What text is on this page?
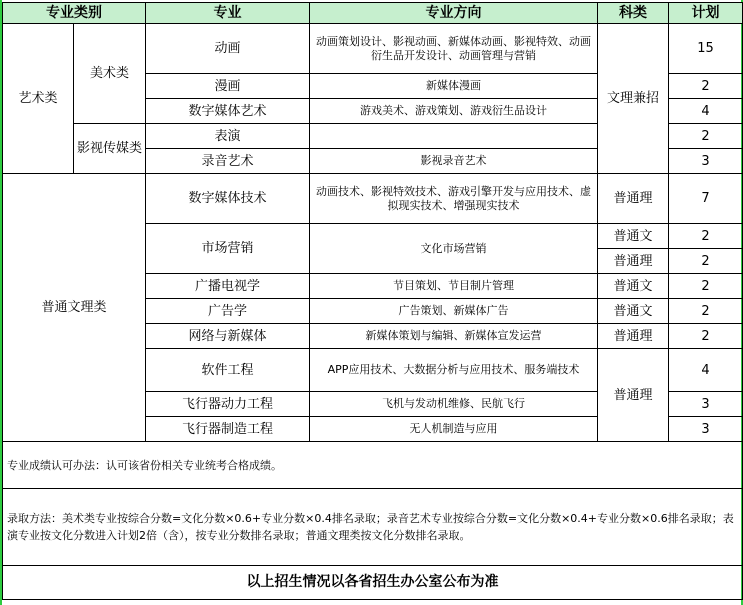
专业类别		专业	专业方向	科类	计划
艺术类	美术类	动画	动画策划设计、影视动画、新媒体动画、影视特效、动画衍生品开发设计、动画管理与营销	文理兼招	15
		漫画	新媒体漫画		2
		数字媒体艺术	游戏美术、游戏策划、游戏衍生品设计		4
	影视传媒类	表演			2
		录音艺术	影视录音艺术		3
普通文理类		数字媒体技术	动画技术、影视特效技术、游戏引擎开发与应用技术、虚拟现实技术、增强现实技术	普通理	7
		市场营销	文化市场营销	普通文	2
				普通理	2
		广播电视学	节目策划、节目制片管理	普通文	2
		广告学	广告策划、新媒体广告	普通文	2
		网络与新媒体	新媒体策划与编辑、新媒体宣发运营	普通理	2
		软件工程	APP应用技术、大数据分析与应用技术、服务端技术	普通理	4
		飞行器动力工程	飞机与发动机维修、民航飞行		3
		飞行器制造工程	无人机制造与应用		3
专业成绩认可办法：认可该省份相关专业统考合格成绩。					
录取方法：美术类专业按综合分数=文化分数×0.6+专业分数×0.4排名录取；录音艺术专业按综合分数=文化分数×0.4+专业分数×0.6排名录取；表演专业按文化分数进入计划2倍（含），按专业分数排名录取；普通文理类按文化分数排名录取。					
以上招生情况以各省招生办公室公布为准					
